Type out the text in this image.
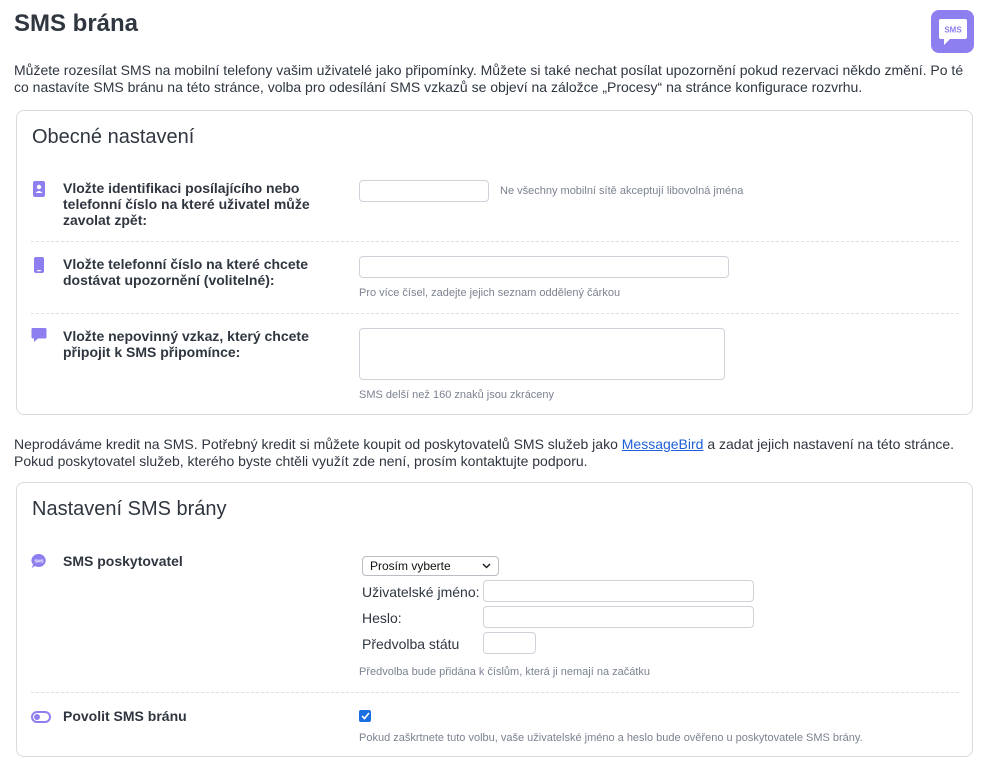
SMS brána	SMS

Můžete rozesílat SMS na mobilní telefony vašim uživatelé jako připomínky. Můžete si také nechat posílat upozornění pokud rezervaci někdo změní. Po té co nastavíte SMS bránu na této stránce, volba pro odesílání SMS vzkazů se objeví na záložce „Procesy“ na stránce konfigurace rozvrhu.

Obecné nastavení
Vložte identifikaci posílajícího nebo telefonní číslo na které uživatel může zavolat zpět:
Ne všechny mobilní sítě akceptují libovolná jména
Vložte telefonní číslo na které chcete dostávat upozornění (volitelné):
Pro více čísel, zadejte jejich seznam oddělený čárkou
Vložte nepovinný vzkaz, který chcete připojit k SMS připomínce:
SMS delší než 160 znaků jsou zkráceny

Neprodáváme kredit na SMS. Potřebný kredit si můžete koupit od poskytovatelů SMS služeb jako MessageBird a zadat jejich nastavení na této stránce. Pokud poskytovatel služeb, kterého byste chtěli využít zde není, prosím kontaktujte podporu.

Nastavení SMS brány
SMS SMS poskytovatel	Prosím vyberte
Uživatelské jméno:
Heslo:
Předvolba státu
Předvolba bude přidána k číslům, která ji nemají na začátku
Povolit SMS bránu
Pokud zaškrtnete tuto volbu, vaše uživatelské jméno a heslo bude ověřeno u poskytovatele SMS brány.
